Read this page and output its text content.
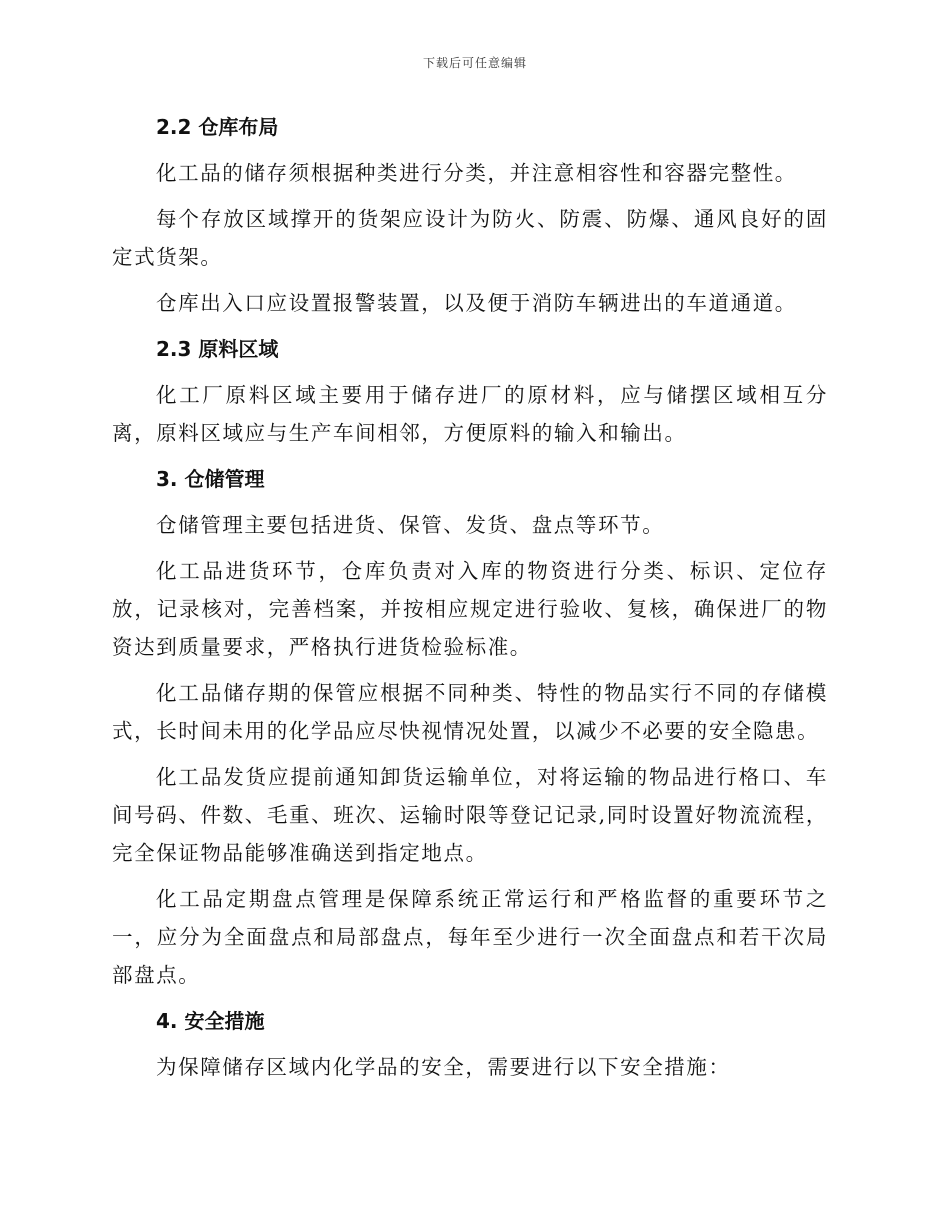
下载后可任意编辑
2.2 仓库布局

化工品的储存须根据种类进行分类，并注意相容性和容器完整性。

每个存放区域撑开的货架应设计为防火、防震、防爆、通风良好的固定式货架。

仓库出入口应设置报警装置，以及便于消防车辆进出的车道通道。

2.3 原料区域

化工厂原料区域主要用于储存进厂的原材料，应与储摆区域相互分离，原料区域应与生产车间相邻，方便原料的输入和输出。

3. 仓储管理

仓储管理主要包括进货、保管、发货、盘点等环节。

化工品进货环节，仓库负责对入库的物资进行分类、标识、定位存放，记录核对，完善档案，并按相应规定进行验收、复核，确保进厂的物资达到质量要求，严格执行进货检验标准。

化工品储存期的保管应根据不同种类、特性的物品实行不同的存储模式，长时间未用的化学品应尽快视情况处置，以减少不必要的安全隐患。

化工品发货应提前通知卸货运输单位，对将运输的物品进行格口、车间号码、件数、毛重、班次、运输时限等登记记录,同时设置好物流流程，完全保证物品能够准确送到指定地点。

化工品定期盘点管理是保障系统正常运行和严格监督的重要环节之一，应分为全面盘点和局部盘点，每年至少进行一次全面盘点和若干次局部盘点。

4. 安全措施

为保障储存区域内化学品的安全，需要进行以下安全措施：
